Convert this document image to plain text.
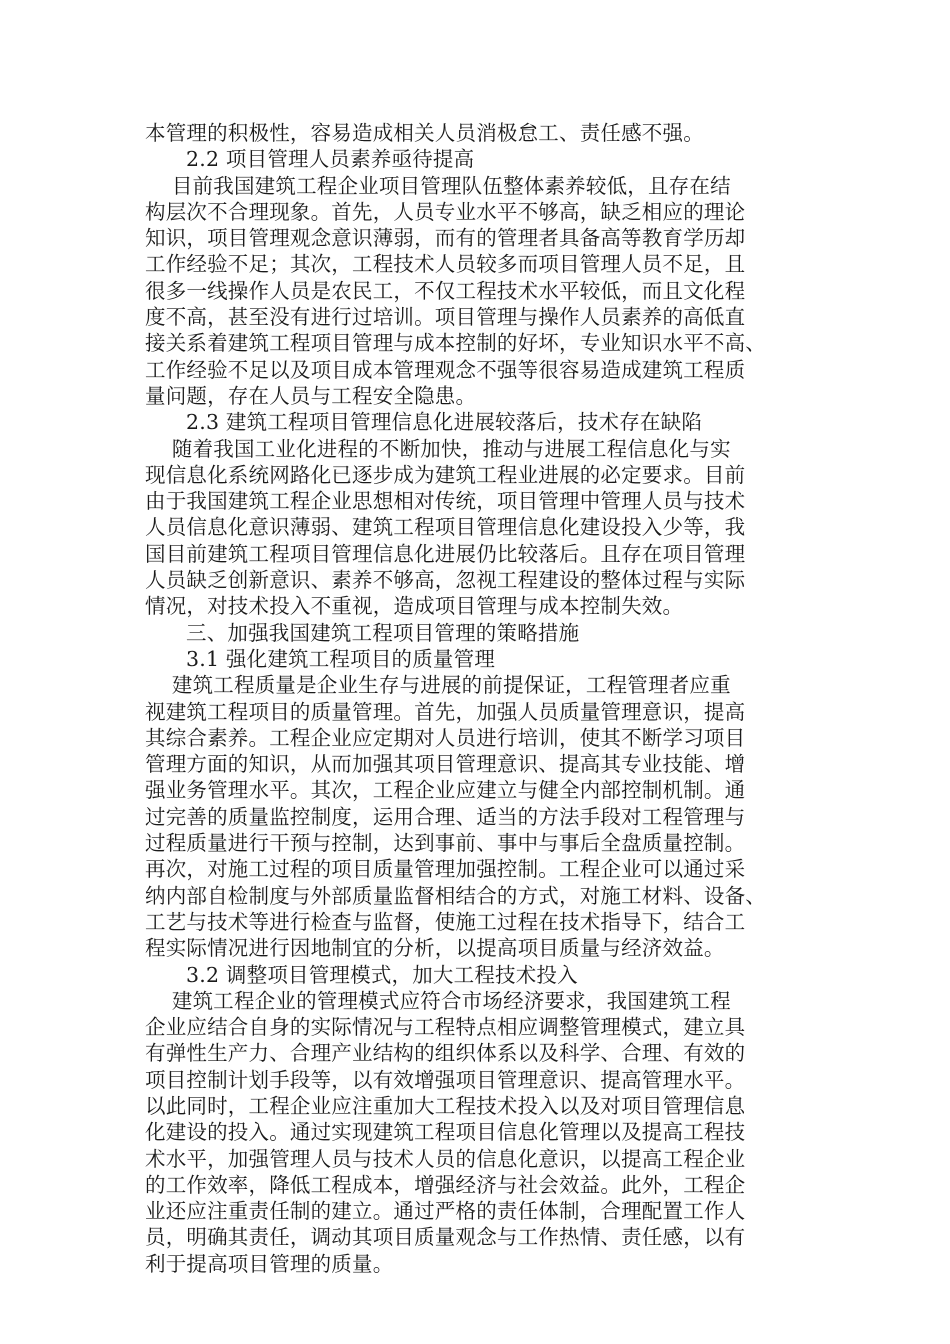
本管理的积极性，容易造成相关人员消极怠工、责任感不强。
2.2 项目管理人员素养亟待提高
目前我国建筑工程企业项目管理队伍整体素养较低，且存在结
构层次不合理现象。首先，人员专业水平不够高，缺乏相应的理论
知识，项目管理观念意识薄弱，而有的管理者具备高等教育学历却
工作经验不足；其次，工程技术人员较多而项目管理人员不足，且
很多一线操作人员是农民工，不仅工程技术水平较低，而且文化程
度不高，甚至没有进行过培训。项目管理与操作人员素养的高低直
接关系着建筑工程项目管理与成本控制的好坏，专业知识水平不高、
工作经验不足以及项目成本管理观念不强等很容易造成建筑工程质
量问题，存在人员与工程安全隐患。
2.3 建筑工程项目管理信息化进展较落后，技术存在缺陷
随着我国工业化进程的不断加快，推动与进展工程信息化与实
现信息化系统网路化已逐步成为建筑工程业进展的必定要求。目前
由于我国建筑工程企业思想相对传统，项目管理中管理人员与技术
人员信息化意识薄弱、建筑工程项目管理信息化建设投入少等，我
国目前建筑工程项目管理信息化进展仍比较落后。且存在项目管理
人员缺乏创新意识、素养不够高，忽视工程建设的整体过程与实际
情况，对技术投入不重视，造成项目管理与成本控制失效。
三、加强我国建筑工程项目管理的策略措施
3.1 强化建筑工程项目的质量管理
建筑工程质量是企业生存与进展的前提保证，工程管理者应重
视建筑工程项目的质量管理。首先，加强人员质量管理意识，提高
其综合素养。工程企业应定期对人员进行培训，使其不断学习项目
管理方面的知识，从而加强其项目管理意识、提高其专业技能、增
强业务管理水平。其次，工程企业应建立与健全内部控制机制。通
过完善的质量监控制度，运用合理、适当的方法手段对工程管理与
过程质量进行干预与控制，达到事前、事中与事后全盘质量控制。
再次，对施工过程的项目质量管理加强控制。工程企业可以通过采
纳内部自检制度与外部质量监督相结合的方式，对施工材料、设备、
工艺与技术等进行检查与监督，使施工过程在技术指导下，结合工
程实际情况进行因地制宜的分析，以提高项目质量与经济效益。
3.2 调整项目管理模式，加大工程技术投入
建筑工程企业的管理模式应符合市场经济要求，我国建筑工程
企业应结合自身的实际情况与工程特点相应调整管理模式，建立具
有弹性生产力、合理产业结构的组织体系以及科学、合理、有效的
项目控制计划手段等，以有效增强项目管理意识、提高管理水平。
以此同时，工程企业应注重加大工程技术投入以及对项目管理信息
化建设的投入。通过实现建筑工程项目信息化管理以及提高工程技
术水平，加强管理人员与技术人员的信息化意识，以提高工程企业
的工作效率，降低工程成本，增强经济与社会效益。此外，工程企
业还应注重责任制的建立。通过严格的责任体制，合理配置工作人
员，明确其责任，调动其项目质量观念与工作热情、责任感，以有
利于提高项目管理的质量。
